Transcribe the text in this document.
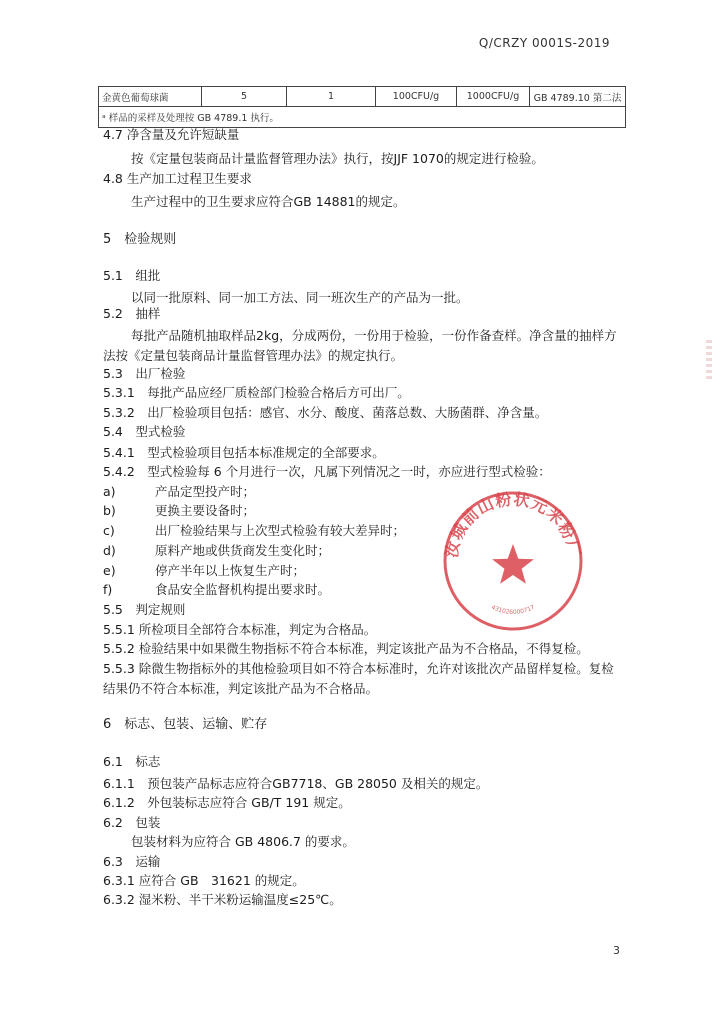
Q/CRZY 0001S-2019
金黄色葡萄球菌	5	1	100CFU/g	1000CFU/g	GB 4789.10 第二法
ᵃ 样品的采样及处理按 GB 4789.1 执行。
4.7 净含量及允许短缺量
按《定量包装商品计量监督管理办法》执行，按JJF 1070的规定进行检验。
4.8 生产加工过程卫生要求
生产过程中的卫生要求应符合GB 14881的规定。
5　检验规则
5.1　组批
以同一批原料、同一加工方法、同一班次生产的产品为一批。
5.2　抽样
每批产品随机抽取样品2kg，分成两份，一份用于检验，一份作备查样。净含量的抽样方
法按《定量包装商品计量监督管理办法》的规定执行。
5.3　出厂检验
5.3.1　每批产品应经厂质检部门检验合格后方可出厂。
5.3.2　出厂检验项目包括：感官、水分、酸度、菌落总数、大肠菌群、净含量。
5.4　型式检验
5.4.1　型式检验项目包括本标准规定的全部要求。
5.4.2　型式检验每 6 个月进行一次，凡属下列情况之一时，亦应进行型式检验：
a)	产品定型投产时；
b)	更换主要设备时；
c)	出厂检验结果与上次型式检验有较大差异时；
d)	原料产地或供货商发生变化时；
e)	停产半年以上恢复生产时；
f)	食品安全监督机构提出要求时。
5.5　判定规则
5.5.1 所检项目全部符合本标准，判定为合格品。
5.5.2 检验结果中如果微生物指标不符合本标准，判定该批产品为不合格品，不得复检。
5.5.3 除微生物指标外的其他检验项目如不符合本标准时，允许对该批次产品留样复检。复检
结果仍不符合本标准，判定该批产品为不合格品。
6　标志、包装、运输、贮存
6.1　标志
6.1.1　预包装产品标志应符合GB7718、GB 28050 及相关的规定。
6.1.2　外包装标志应符合 GB/T 191 规定。
6.2　包装
包装材料为应符合 GB 4806.7 的要求。
6.3　运输
6.3.1 应符合 GB　31621 的规定。
6.3.2 湿米粉、半干米粉运输温度≤25℃。
汝城前山粉状元米粉厂
431026000717
3
